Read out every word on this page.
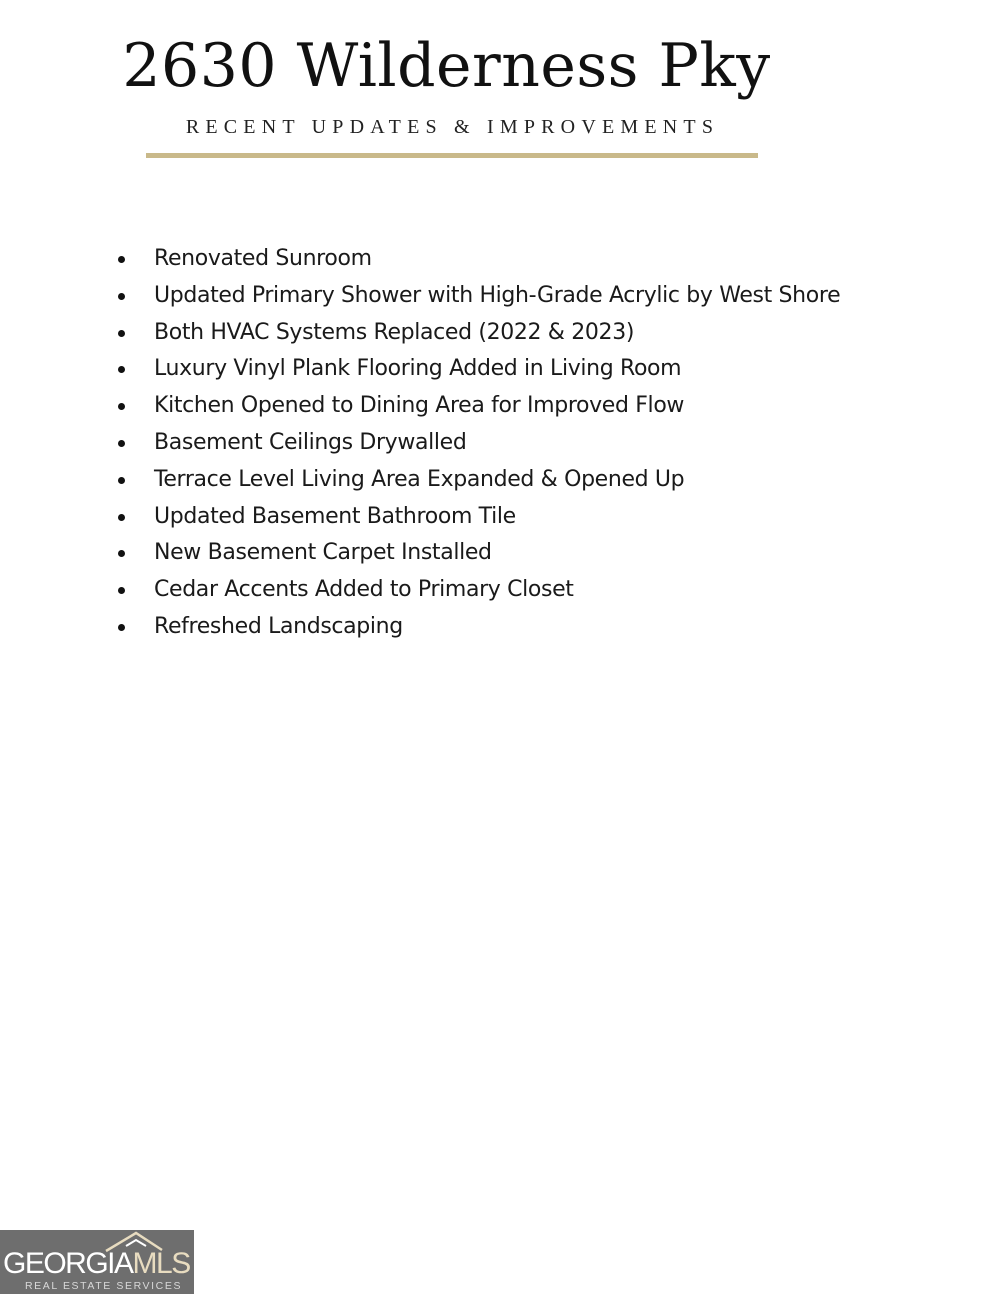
2630 Wilderness Pky
RECENT UPDATES & IMPROVEMENTS
Renovated Sunroom
Updated Primary Shower with High-Grade Acrylic by West Shore
Both HVAC Systems Replaced (2022 & 2023)
Luxury Vinyl Plank Flooring Added in Living Room
Kitchen Opened to Dining Area for Improved Flow
Basement Ceilings Drywalled
Terrace Level Living Area Expanded & Opened Up
Updated Basement Bathroom Tile
New Basement Carpet Installed
Cedar Accents Added to Primary Closet
Refreshed Landscaping
GEORGIAMLS
REAL ESTATE SERVICES
